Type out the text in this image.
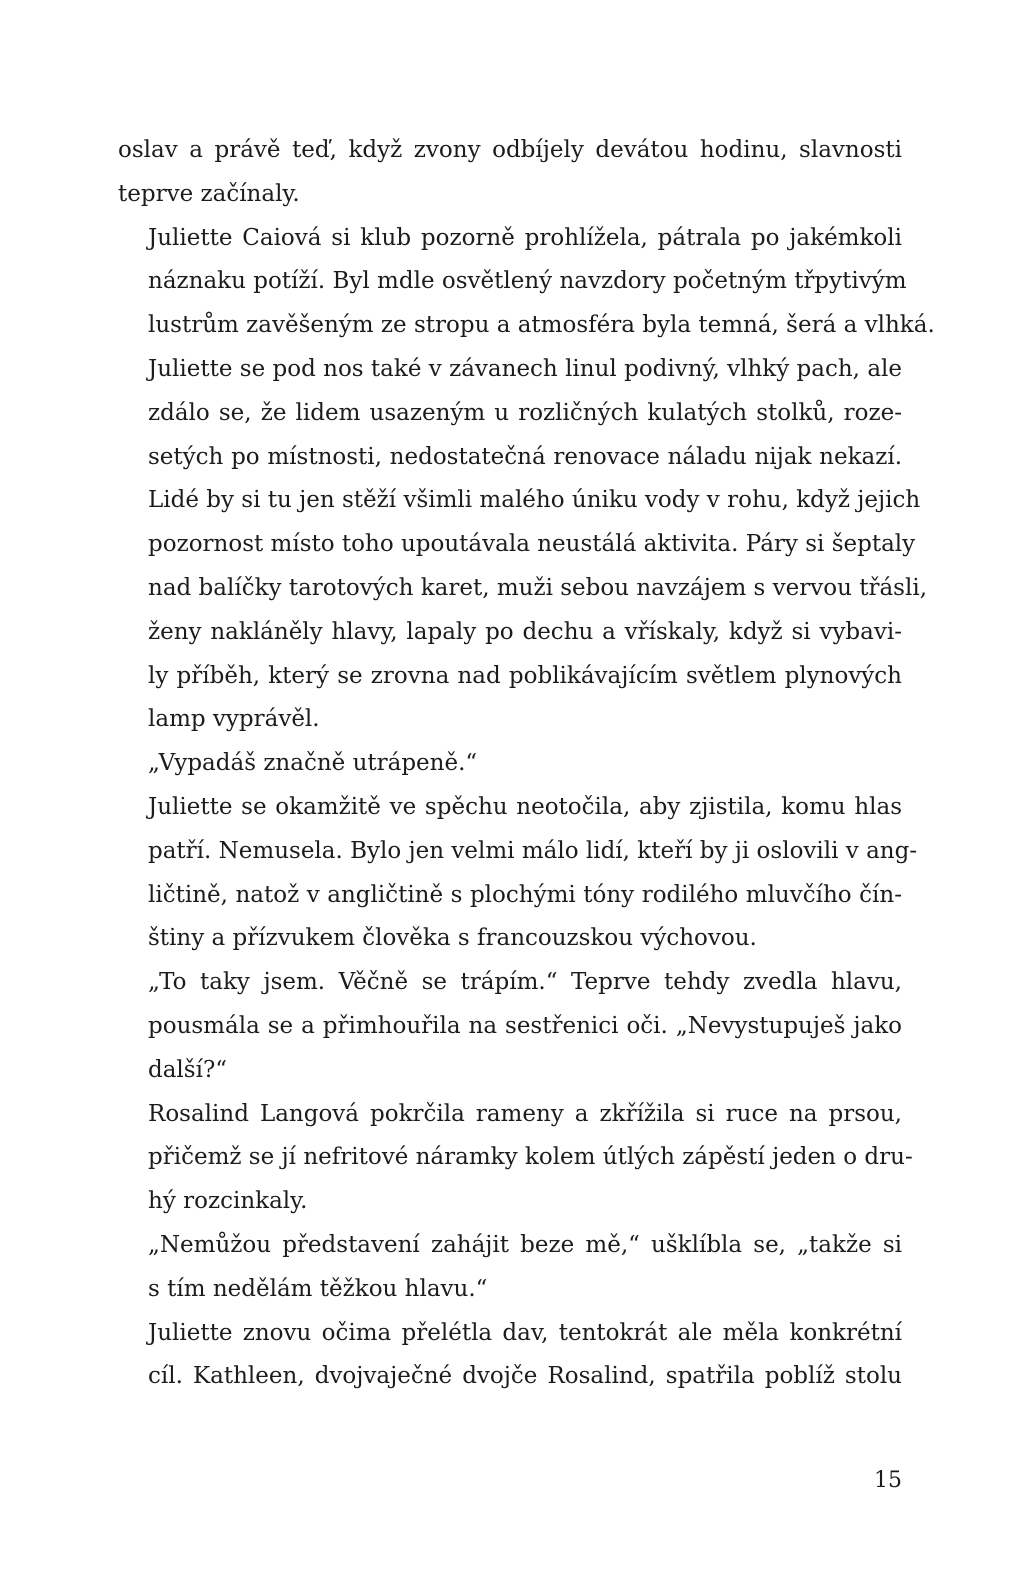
oslav a právě teď, když zvony odbíjely devátou hodinu, slavnosti
teprve začínaly.

Juliette Caiová si klub pozorně prohlížela, pátrala po jakémkoli
náznaku potíží. Byl mdle osvětlený navzdory početným třpytivým
lustrům zavěšeným ze stropu a atmosféra byla temná, šerá a vlhká.
Juliette se pod nos také v závanech linul podivný, vlhký pach, ale
zdálo se, že lidem usazeným u rozličných kulatých stolků, roze-
setých po místnosti, nedostatečná renovace náladu nijak nekazí.
Lidé by si tu jen stěží všimli malého úniku vody v rohu, když jejich
pozornost místo toho upoutávala neustálá aktivita. Páry si šeptaly
nad balíčky tarotových karet, muži sebou navzájem s vervou třásli,
ženy nakláněly hlavy, lapaly po dechu a vřískaly, když si vybavi-
ly příběh, který se zrovna nad poblikávajícím světlem plynových
lamp vyprávěl.

„Vypadáš značně utrápeně.“

Juliette se okamžitě ve spěchu neotočila, aby zjistila, komu hlas
patří. Nemusela. Bylo jen velmi málo lidí, kteří by ji oslovili v ang-
ličtině, natož v angličtině s plochými tóny rodilého mluvčího čín-
štiny a přízvukem člověka s francouzskou výchovou.

„To taky jsem. Věčně se trápím.“ Teprve tehdy zvedla hlavu,
pousmála se a přimhouřila na sestřenici oči. „Nevystupuješ jako
další?“

Rosalind Langová pokrčila rameny a zkřížila si ruce na prsou,
přičemž se jí nefritové náramky kolem útlých zápěstí jeden o dru-
hý rozcinkaly.

„Nemůžou představení zahájit beze mě,“ ušklíbla se, „takže si
s tím nedělám těžkou hlavu.“

Juliette znovu očima přelétla dav, tentokrát ale měla konkrétní
cíl. Kathleen, dvojvaječné dvojče Rosalind, spatřila poblíž stolu

15
